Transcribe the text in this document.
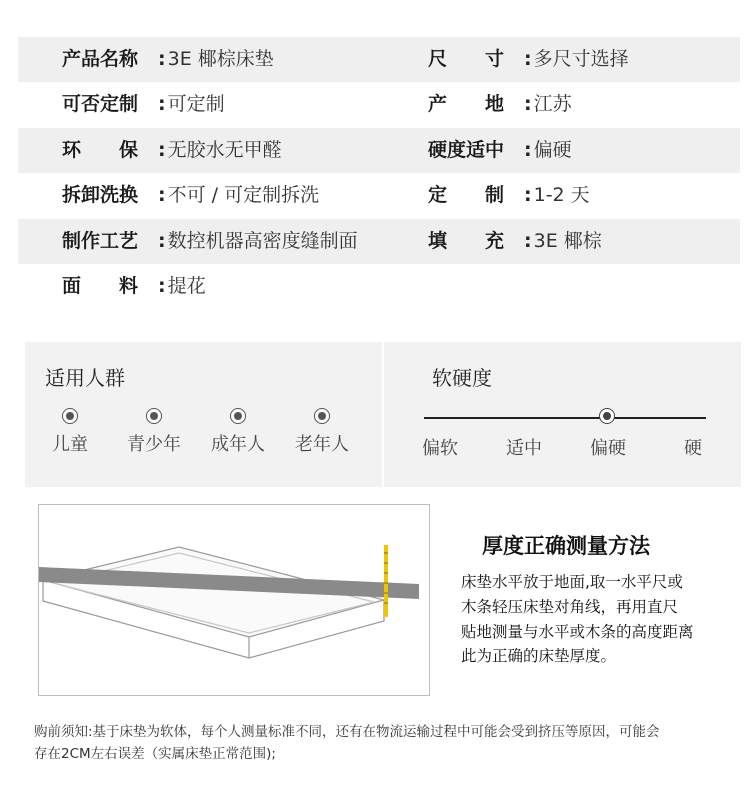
产品名称 : 3E 椰棕床垫	尺　　寸 : 多尺寸选择
可否定制 : 可定制	产　　地 : 江苏
环　　保 : 无胶水无甲醛	硬度适中 : 偏硬
拆卸洗换 : 不可 / 可定制拆洗	定　　制 : 1-2 天
制作工艺 : 数控机器高密度缝制面	填　　充 : 3E 椰棕
面　　料 : 提花
适用人群
儿童	青少年	成年人	老年人
软硬度
偏软	适中	偏硬	硬
厚度正确测量方法
床垫水平放于地面,取一水平尺或
木条轻压床垫对角线，再用直尺
贴地测量与水平或木条的高度距离
此为正确的床垫厚度。
购前须知:基于床垫为软体，每个人测量标准不同，还有在物流运输过程中可能会受到挤压等原因，可能会
存在2CM左右误差（实属床垫正常范围);
